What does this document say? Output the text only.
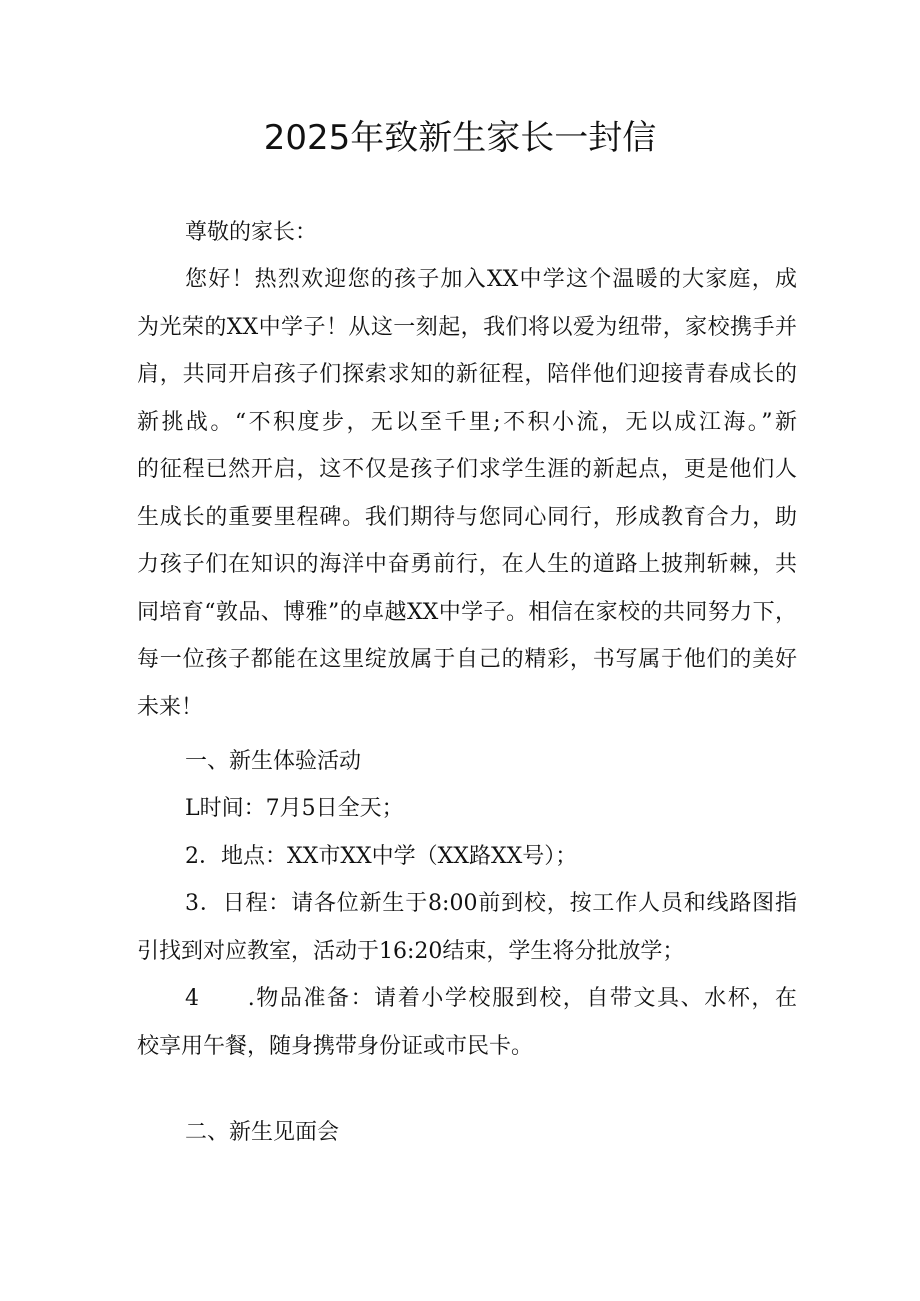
2025年致新生家长一封信
尊敬的家长：
您好！热烈欢迎您的孩子加入XX中学这个温暖的大家庭，成
为光荣的XX中学子！从这一刻起，我们将以爱为纽带，家校携手并
肩，共同开启孩子们探索求知的新征程，陪伴他们迎接青春成长的
新挑战。“不积度步，无以至千里;不积小流，无以成江海。”新
的征程已然开启，这不仅是孩子们求学生涯的新起点，更是他们人
生成长的重要里程碑。我们期待与您同心同行，形成教育合力，助
力孩子们在知识的海洋中奋勇前行，在人生的道路上披荆斩棘，共
同培育“敦品、博雅”的卓越XX中学子。相信在家校的共同努力下，
每一位孩子都能在这里绽放属于自己的精彩，书写属于他们的美好
未来！
一、新生体验活动
L时间：7月5日全天；
2．地点：XX市XX中学（XX路XX号）；
3．日程：请各位新生于8:00前到校，按工作人员和线路图指
引找到对应教室，活动于16:20结束，学生将分批放学；
4　　.物品准备：请着小学校服到校，自带文具、水杯，在
校享用午餐，随身携带身份证或市民卡。
二、新生见面会
